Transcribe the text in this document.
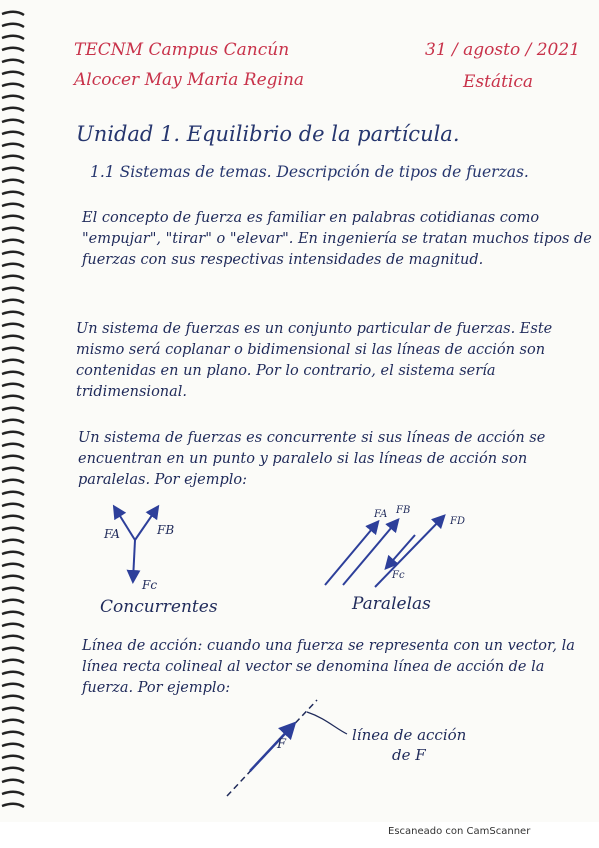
TECNM Campus Cancún
Alcocer May Maria Regina
31 / agosto / 2021
Estática
Unidad 1. Equilibrio de la partícula.
1.1 Sistemas de temas. Descripción de tipos de fuerzas.
El concepto de fuerza es familiar en palabras cotidianas como "empujar", "tirar" o "elevar". En ingeniería se tratan muchos tipos de fuerzas con sus respectivas intensidades de magnitud.
Un sistema de fuerzas es un conjunto particular de fuerzas. Este mismo será coplanar o bidimensional si las líneas de acción son contenidas en un plano. Por lo contrario, el sistema sería tridimensional.
Un sistema de fuerzas es concurrente si sus líneas de acción se encuentran en un punto y paralelo si las líneas de acción son paralelas. Por ejemplo:
FA	FB
Fc
Concurrentes
FA FB
FD
Fc
Paralelas
Línea de acción: cuando una fuerza se representa con un vector, la línea recta colineal al vector se denomina línea de acción de la fuerza. Por ejemplo:
F
línea de acción
de F
Escaneado con CamScanner
